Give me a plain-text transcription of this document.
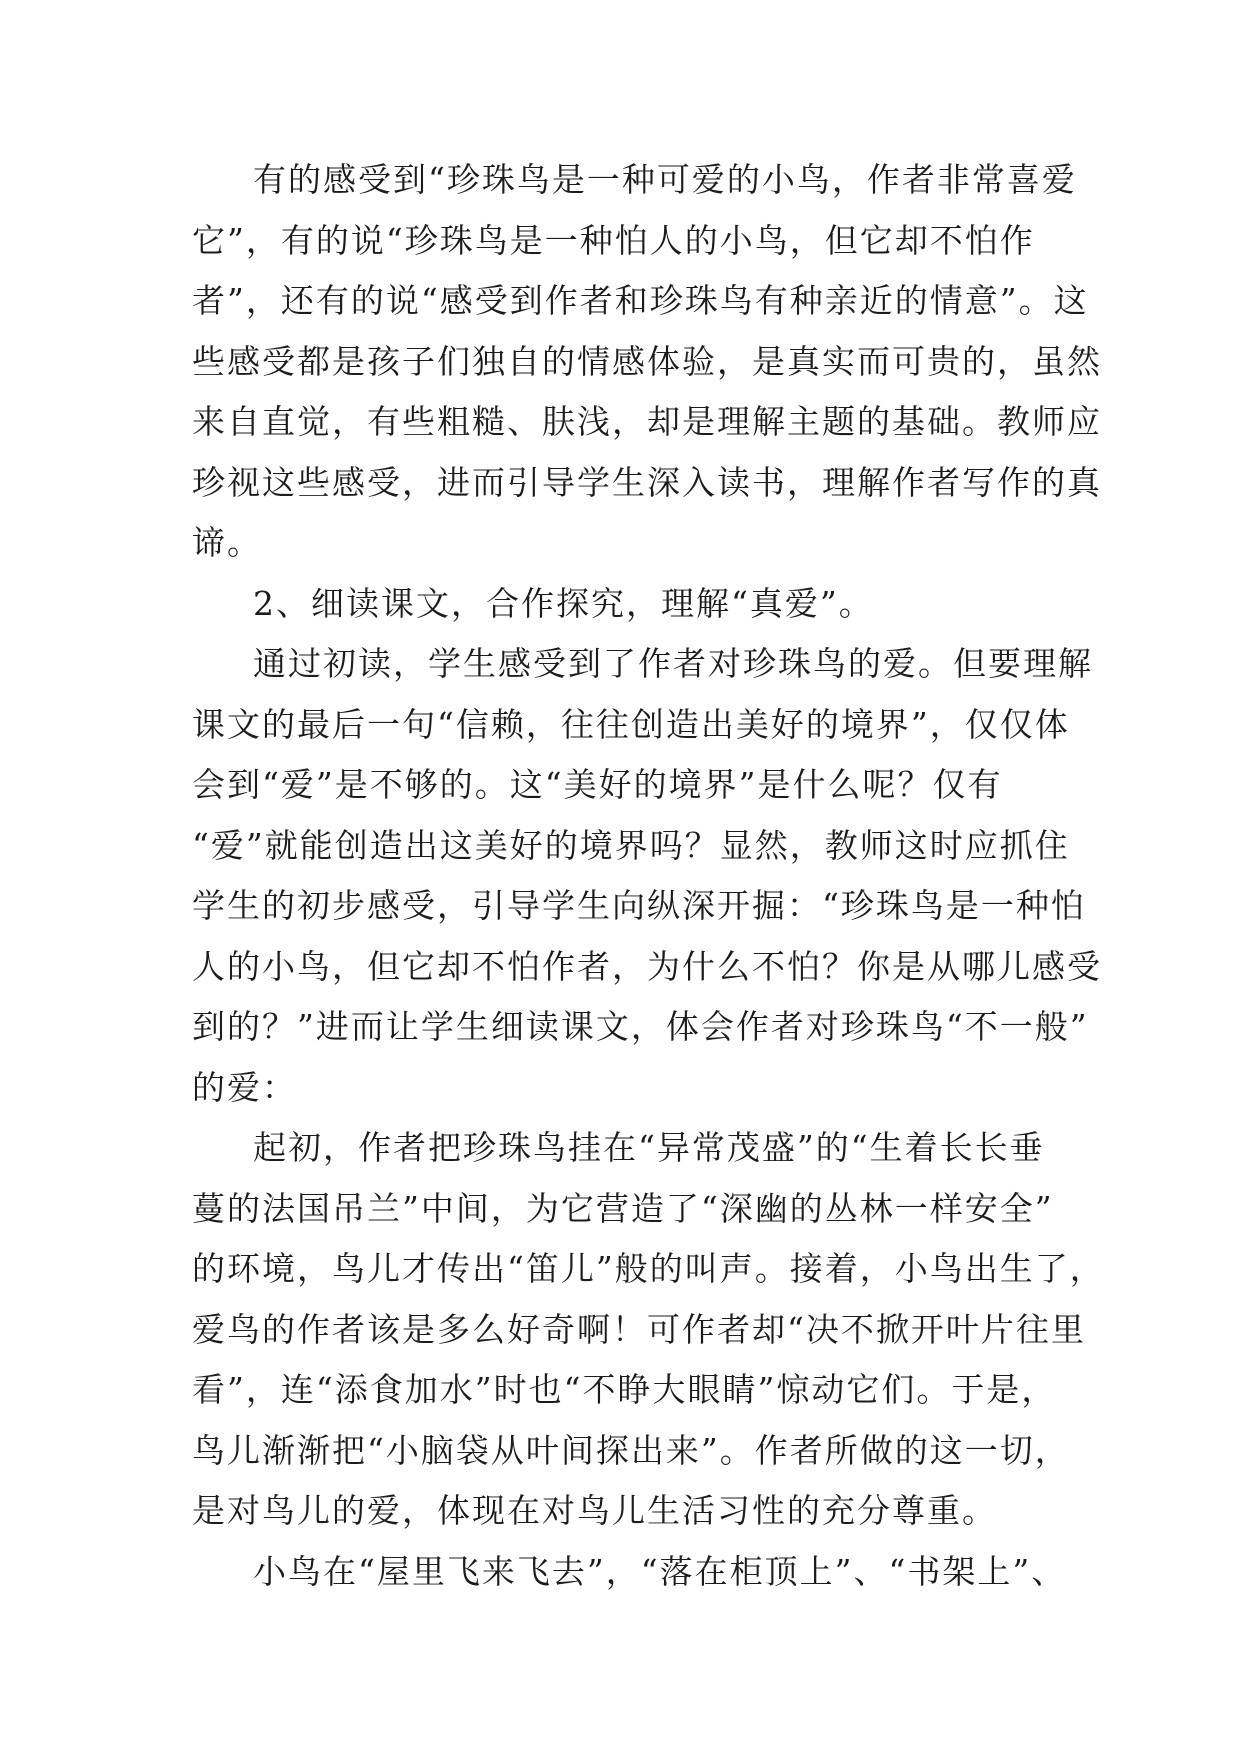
有的感受到“珍珠鸟是一种可爱的小鸟，作者非常喜爱
它”，有的说“珍珠鸟是一种怕人的小鸟，但它却不怕作
者”，还有的说“感受到作者和珍珠鸟有种亲近的情意”。这
些感受都是孩子们独自的情感体验，是真实而可贵的，虽然
来自直觉，有些粗糙、肤浅，却是理解主题的基础。教师应
珍视这些感受，进而引导学生深入读书，理解作者写作的真
谛。
2、细读课文，合作探究，理解“真爱”。
通过初读，学生感受到了作者对珍珠鸟的爱。但要理解
课文的最后一句“信赖，往往创造出美好的境界”，仅仅体
会到“爱”是不够的。这“美好的境界”是什么呢？仅有
“爱”就能创造出这美好的境界吗？显然，教师这时应抓住
学生的初步感受，引导学生向纵深开掘：“珍珠鸟是一种怕
人的小鸟，但它却不怕作者，为什么不怕？你是从哪儿感受
到的？”进而让学生细读课文，体会作者对珍珠鸟“不一般”
的爱：
起初，作者把珍珠鸟挂在“异常茂盛”的“生着长长垂
蔓的法国吊兰”中间，为它营造了“深幽的丛林一样安全”
的环境，鸟儿才传出“笛儿”般的叫声。接着，小鸟出生了，
爱鸟的作者该是多么好奇啊！可作者却“决不掀开叶片往里
看”，连“添食加水”时也“不睁大眼睛”惊动它们。于是，
鸟儿渐渐把“小脑袋从叶间探出来”。作者所做的这一切，
是对鸟儿的爱，体现在对鸟儿生活习性的充分尊重。
小鸟在“屋里飞来飞去”，“落在柜顶上”、“书架上”、
